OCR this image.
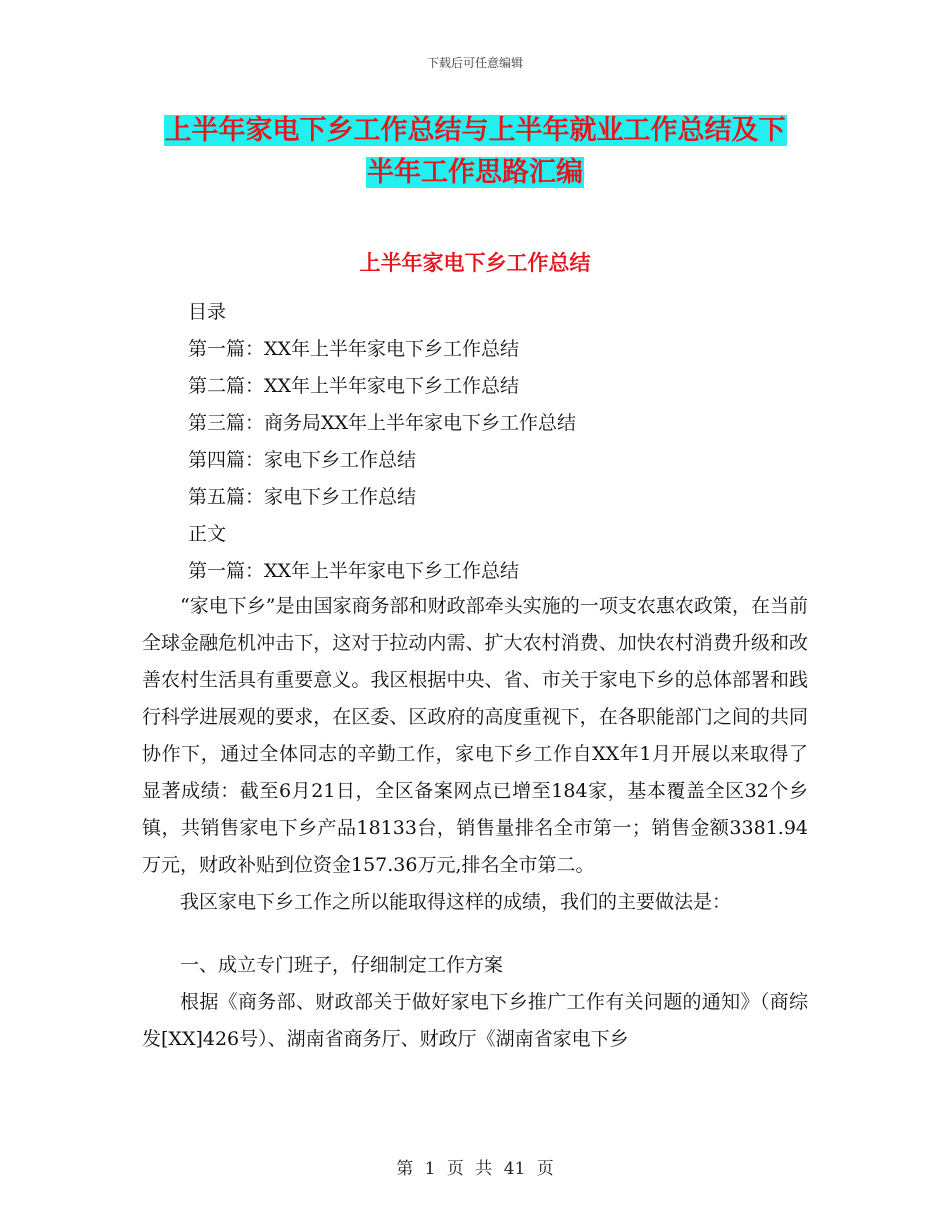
下载后可任意编辑
上半年家电下乡工作总结与上半年就业工作总结及下
半年工作思路汇编
上半年家电下乡工作总结
目录
第一篇：XX年上半年家电下乡工作总结
第二篇：XX年上半年家电下乡工作总结
第三篇：商务局XX年上半年家电下乡工作总结
第四篇：家电下乡工作总结
第五篇：家电下乡工作总结
正文
第一篇：XX年上半年家电下乡工作总结

“家电下乡”是由国家商务部和财政部牵头实施的一项支农惠农政策，在当前全球金融危机冲击下，这对于拉动内需、扩大农村消费、加快农村消费升级和改善农村生活具有重要意义。我区根据中央、省、市关于家电下乡的总体部署和践行科学进展观的要求，在区委、区政府的高度重视下，在各职能部门之间的共同协作下，通过全体同志的辛勤工作，家电下乡工作自XX年1月开展以来取得了显著成绩：截至6月21日，全区备案网点已增至184家，基本覆盖全区32个乡镇，共销售家电下乡产品18133台，销售量排名全市第一；销售金额3381.94万元，财政补贴到位资金157.36万元,排名全市第二。

我区家电下乡工作之所以能取得这样的成绩，我们的主要做法是：

一、成立专门班子，仔细制定工作方案

根据《商务部、财政部关于做好家电下乡推广工作有关问题的通知》（商综发[XX]426号）、湖南省商务厅、财政厅《湖南省家电下乡

第 1 页 共 41 页
